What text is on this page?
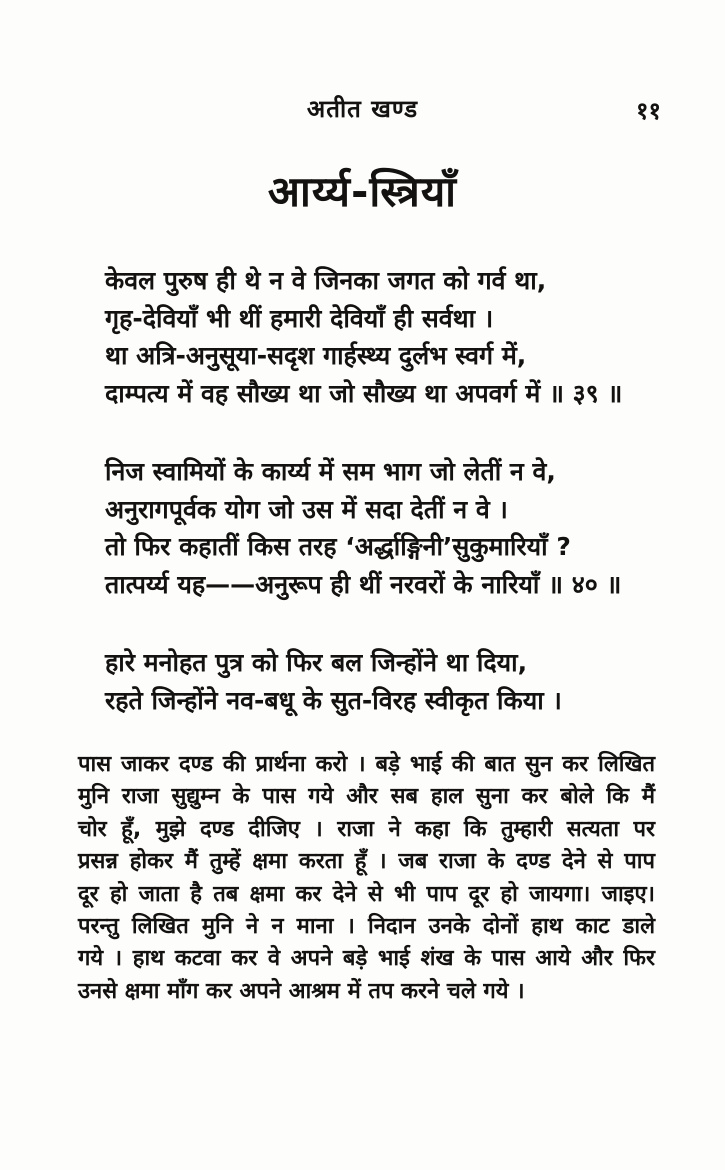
अतीत खण्ड	११
आर्य्य-स्त्रियाँ
केवल पुरुष ही थे न वे जिनका जगत को गर्व था,
गृह-देवियाँ भी थीं हमारी देवियाँ ही सर्वथा ।
था अत्रि-अनुसूया-सदृश गार्हस्थ्य दुर्लभ स्वर्ग में,
दाम्पत्य में वह सौख्य था जो सौख्य था अपवर्ग में ॥ ३९ ॥
निज स्वामियों के कार्य्य में सम भाग जो लेतीं न वे,
अनुरागपूर्वक योग जो उस में सदा देतीं न वे ।
तो फिर कहातीं किस तरह ‘अर्द्धाङ्गिनी’सुकुमारियाँ ?
तात्पर्य्य यह——अनुरूप ही थीं नरवरों के नारियाँ ॥ ४० ॥
हारे मनोहत पुत्र को फिर बल जिन्होंने था दिया,
रहते जिन्होंने नव-बधू के सुत-विरह स्वीकृत किया ।
पास जाकर दण्ड की प्रार्थना करो । बड़े भाई की बात सुन कर लिखित
मुनि राजा सुद्युम्न के पास गये और सब हाल सुना कर बोले कि मैं
चोर हूँ, मुझे दण्ड दीजिए । राजा ने कहा कि तुम्हारी सत्यता पर
प्रसन्न होकर मैं तुम्हें क्षमा करता हूँ । जब राजा के दण्ड देने से पाप
दूर हो जाता है तब क्षमा कर देने से भी पाप दूर हो जायगा। जाइए।
परन्तु लिखित मुनि ने न माना । निदान उनके दोनों हाथ काट डाले
गये । हाथ कटवा कर वे अपने बड़े भाई शंख के पास आये और फिर
उनसे क्षमा माँग कर अपने आश्रम में तप करने चले गये ।
